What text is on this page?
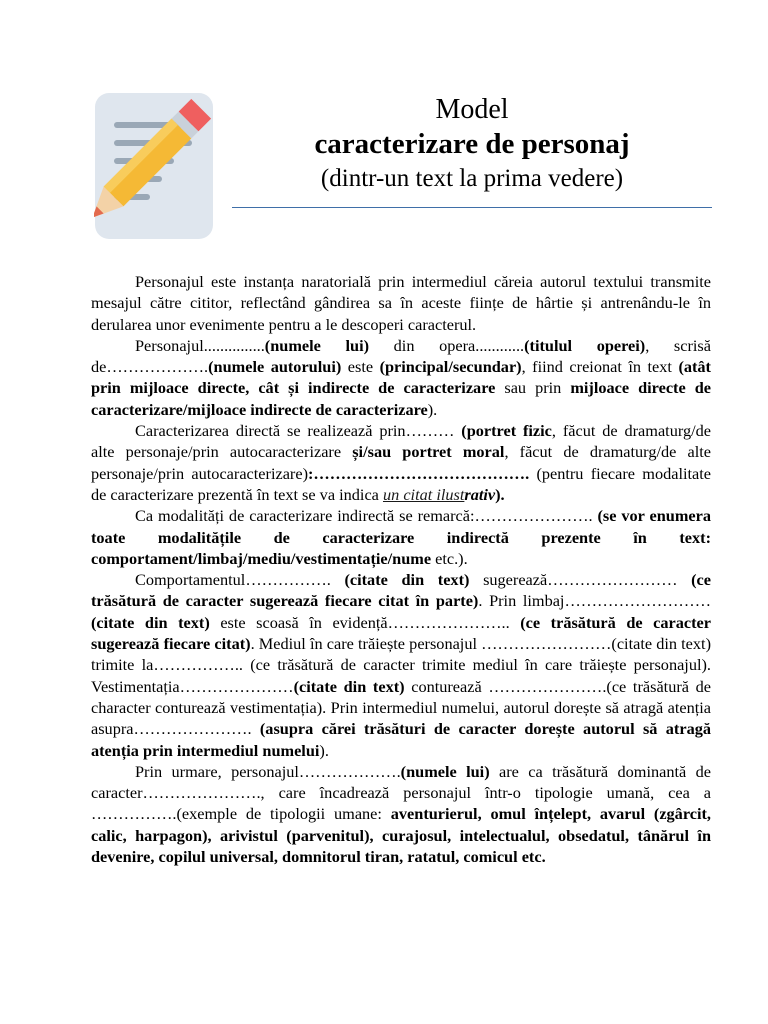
Model
caracterizare de personaj
(dintr-un text la prima vedere)

Personajul este instanța naratorială prin intermediul căreia autorul textului transmite mesajul către cititor, reflectând gândirea sa în aceste ființe de hârtie și antrenându-le în derularea unor evenimente pentru a le descoperi caracterul.

Personajul...............(numele lui) din opera............(titulul operei), scrisă de……………….(numele autorului) este (principal/secundar), fiind creionat în text (atât prin mijloace directe, cât și indirecte de caracterizare sau prin mijloace directe de caracterizare/mijloace indirecte de caracterizare).

Caracterizarea directă se realizează prin……… (portret fizic, făcut de dramaturg/de alte personaje/prin autocaracterizare și/sau portret moral, făcut de dramaturg/de alte personaje/prin autocaracterizare):…………………………………. (pentru fiecare modalitate de caracterizare prezentă în text se va indica un citat ilustrativ).

Ca modalități de caracterizare indirectă se remarcă:…………………. (se vor enumera toate modalitățile de caracterizare indirectă prezente în text: comportament/limbaj/mediu/vestimentație/nume etc.).

Comportamentul……………. (citate din text) sugerează…………………… (ce trăsătură de caracter sugerează fiecare citat în parte). Prin limbaj………………………(citate din text) este scoasă în evidență………………….. (ce trăsătură de caracter sugerează fiecare citat). Mediul în care trăiește personajul ……………………(citate din text) trimite la…………….. (ce trăsătură de caracter trimite mediul în care trăiește personajul). Vestimentația…………………(citate din text) conturează ………………….(ce trăsătură de character conturează vestimentația). Prin intermediul numelui, autorul dorește să atragă atenția asupra…………………. (asupra cărei trăsături de caracter dorește autorul să atragă atenția prin intermediul numelui).

Prin urmare, personajul……………….(numele lui) are ca trăsătură dominantă de caracter…………………., care încadrează personajul într-o tipologie umană, cea a …………….(exemple de tipologii umane: aventurierul, omul înțelept, avarul (zgârcit, calic, harpagon), arivistul (parvenitul), curajosul, intelectualul, obsedatul, tânărul în devenire, copilul universal, domnitorul tiran, ratatul, comicul etc.
